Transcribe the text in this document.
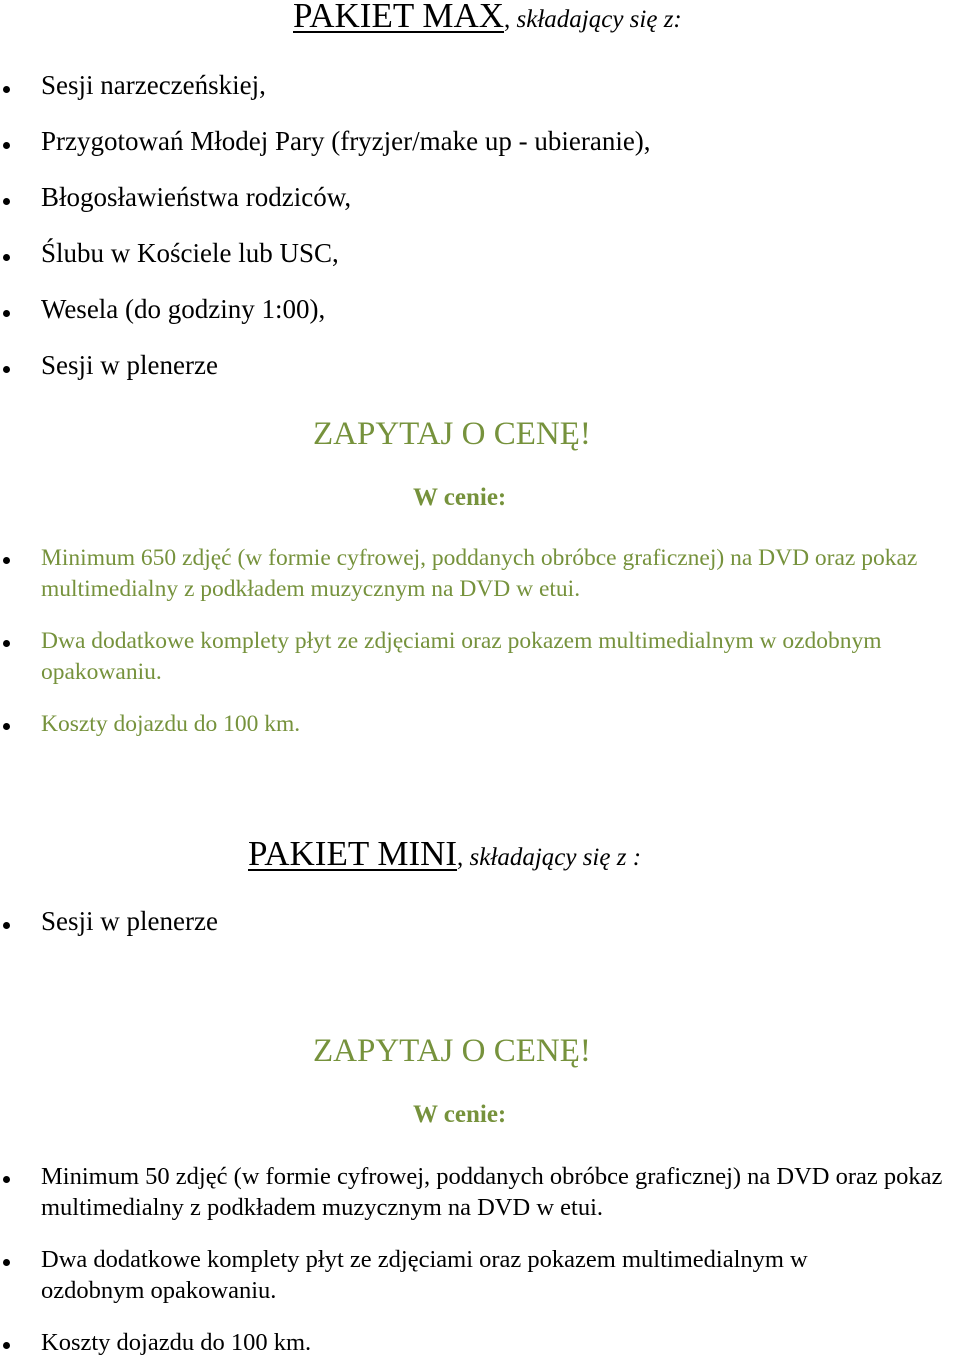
PAKIET MAX, składający się z:
Sesji narzeczeńskiej,
Przygotowań Młodej Pary (fryzjer/make up - ubieranie),
Błogosławieństwa rodziców,
Ślubu w Kościele lub USC,
Wesela (do godziny 1:00),
Sesji w plenerze
ZAPYTAJ O CENĘ!
W cenie:
Minimum 650 zdjęć (w formie cyfrowej, poddanych obróbce graficznej) na DVD oraz pokaz multimedialny z podkładem muzycznym na DVD w etui.
Dwa dodatkowe komplety płyt ze zdjęciami oraz pokazem multimedialnym w ozdobnym opakowaniu.
Koszty dojazdu do 100 km.
PAKIET MINI, składający się z :
Sesji w plenerze
ZAPYTAJ O CENĘ!
W cenie:
Minimum 50 zdjęć (w formie cyfrowej, poddanych obróbce graficznej) na DVD oraz pokaz multimedialny z podkładem muzycznym na DVD w etui.
Dwa dodatkowe komplety płyt ze zdjęciami oraz pokazem multimedialnym w ozdobnym opakowaniu.
Koszty dojazdu do 100 km.
